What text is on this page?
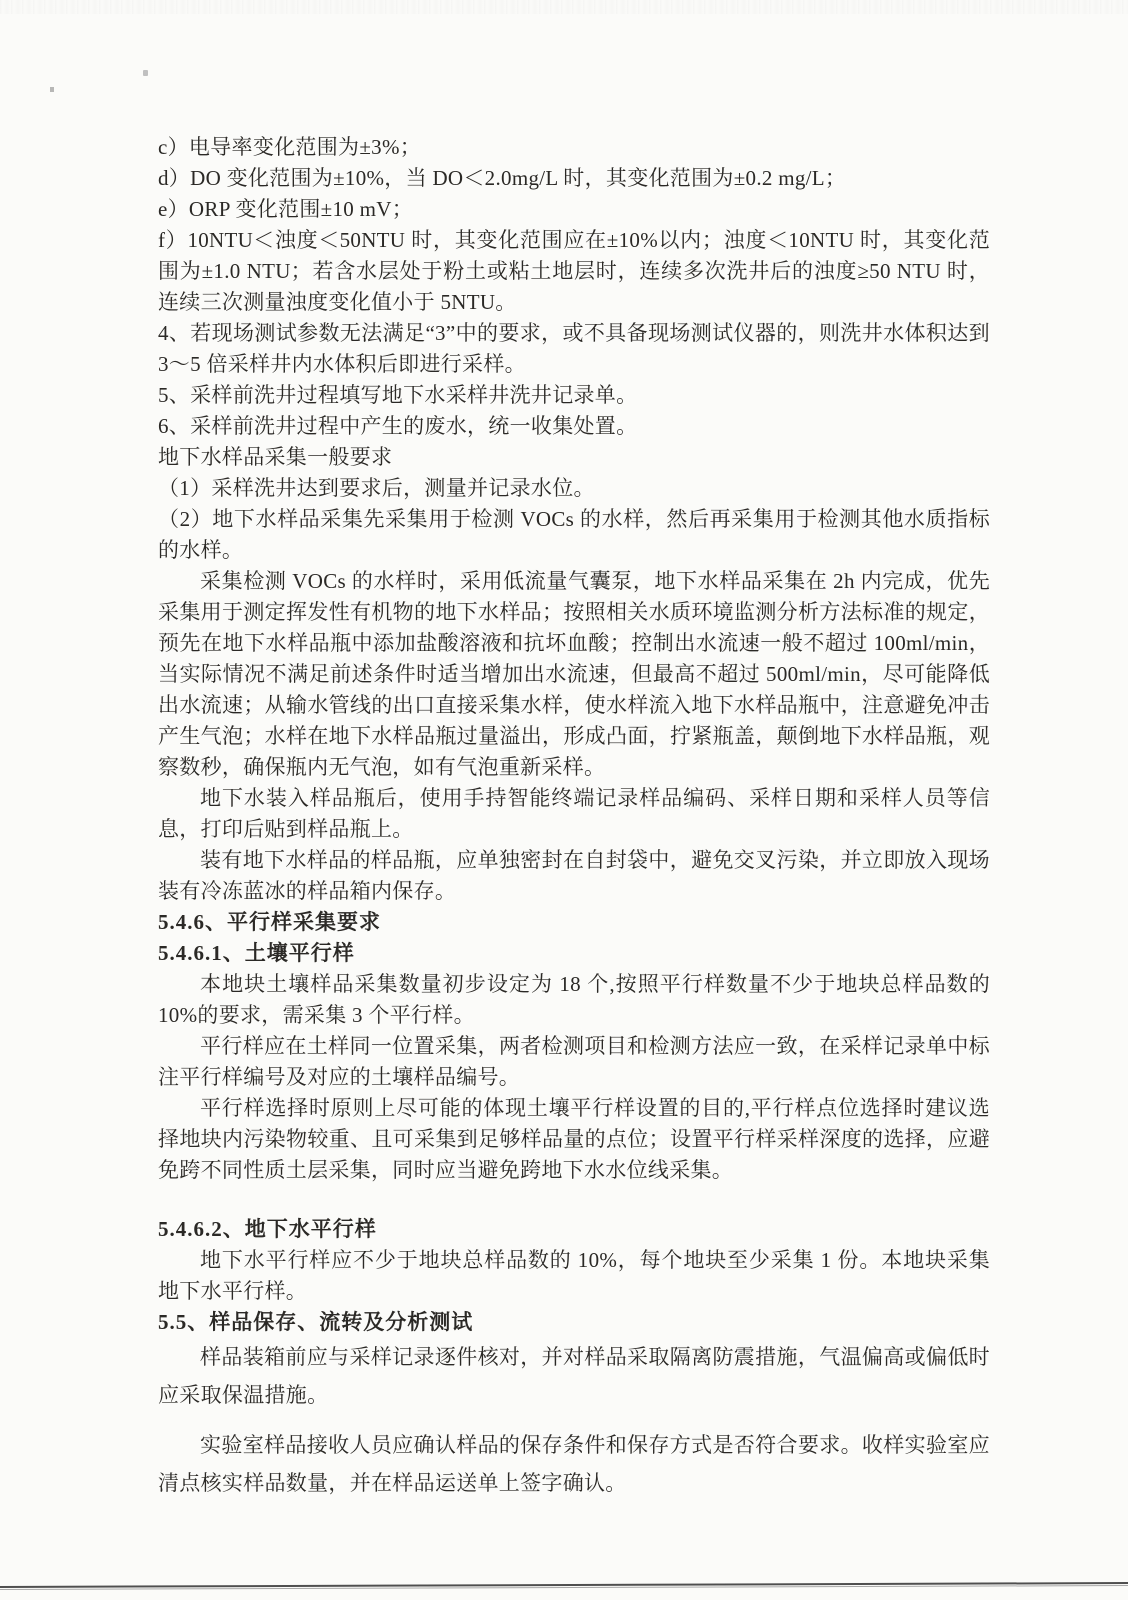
c）电导率变化范围为±3%；

d）DO 变化范围为±10%，当 DO＜2.0mg/L 时，其变化范围为±0.2 mg/L；

e）ORP 变化范围±10 mV；

f）10NTU＜浊度＜50NTU 时，其变化范围应在±10%以内；浊度＜10NTU 时，其变化范围为±1.0 NTU；若含水层处于粉土或粘土地层时，连续多次洗井后的浊度≥50 NTU 时，连续三次测量浊度变化值小于 5NTU。

4、若现场测试参数无法满足“3”中的要求，或不具备现场测试仪器的，则洗井水体积达到 3～5 倍采样井内水体积后即进行采样。

5、采样前洗井过程填写地下水采样井洗井记录单。

6、采样前洗井过程中产生的废水，统一收集处置。

地下水样品采集一般要求

（1）采样洗井达到要求后，测量并记录水位。

（2）地下水样品采集先采集用于检测 VOCs 的水样，然后再采集用于检测其他水质指标的水样。

采集检测 VOCs 的水样时，采用低流量气囊泵，地下水样品采集在 2h 内完成，优先采集用于测定挥发性有机物的地下水样品；按照相关水质环境监测分析方法标准的规定，预先在地下水样品瓶中添加盐酸溶液和抗坏血酸；控制出水流速一般不超过 100ml/min，当实际情况不满足前述条件时适当增加出水流速，但最高不超过 500ml/min，尽可能降低出水流速；从输水管线的出口直接采集水样，使水样流入地下水样品瓶中，注意避免冲击产生气泡；水样在地下水样品瓶过量溢出，形成凸面，拧紧瓶盖，颠倒地下水样品瓶，观察数秒，确保瓶内无气泡，如有气泡重新采样。

地下水装入样品瓶后，使用手持智能终端记录样品编码、采样日期和采样人员等信息，打印后贴到样品瓶上。

装有地下水样品的样品瓶，应单独密封在自封袋中，避免交叉污染，并立即放入现场装有冷冻蓝冰的样品箱内保存。

5.4.6、平行样采集要求

5.4.6.1、土壤平行样

本地块土壤样品采集数量初步设定为 18 个,按照平行样数量不少于地块总样品数的 10%的要求，需采集 3 个平行样。

平行样应在土样同一位置采集，两者检测项目和检测方法应一致，在采样记录单中标注平行样编号及对应的土壤样品编号。

平行样选择时原则上尽可能的体现土壤平行样设置的目的,平行样点位选择时建议选择地块内污染物较重、且可采集到足够样品量的点位；设置平行样采样深度的选择，应避免跨不同性质土层采集，同时应当避免跨地下水水位线采集。

5.4.6.2、地下水平行样

地下水平行样应不少于地块总样品数的 10%，每个地块至少采集 1 份。本地块采集地下水平行样。

5.5、样品保存、流转及分析测试

样品装箱前应与采样记录逐件核对，并对样品采取隔离防震措施，气温偏高或偏低时应采取保温措施。

实验室样品接收人员应确认样品的保存条件和保存方式是否符合要求。收样实验室应清点核实样品数量，并在样品运送单上签字确认。
